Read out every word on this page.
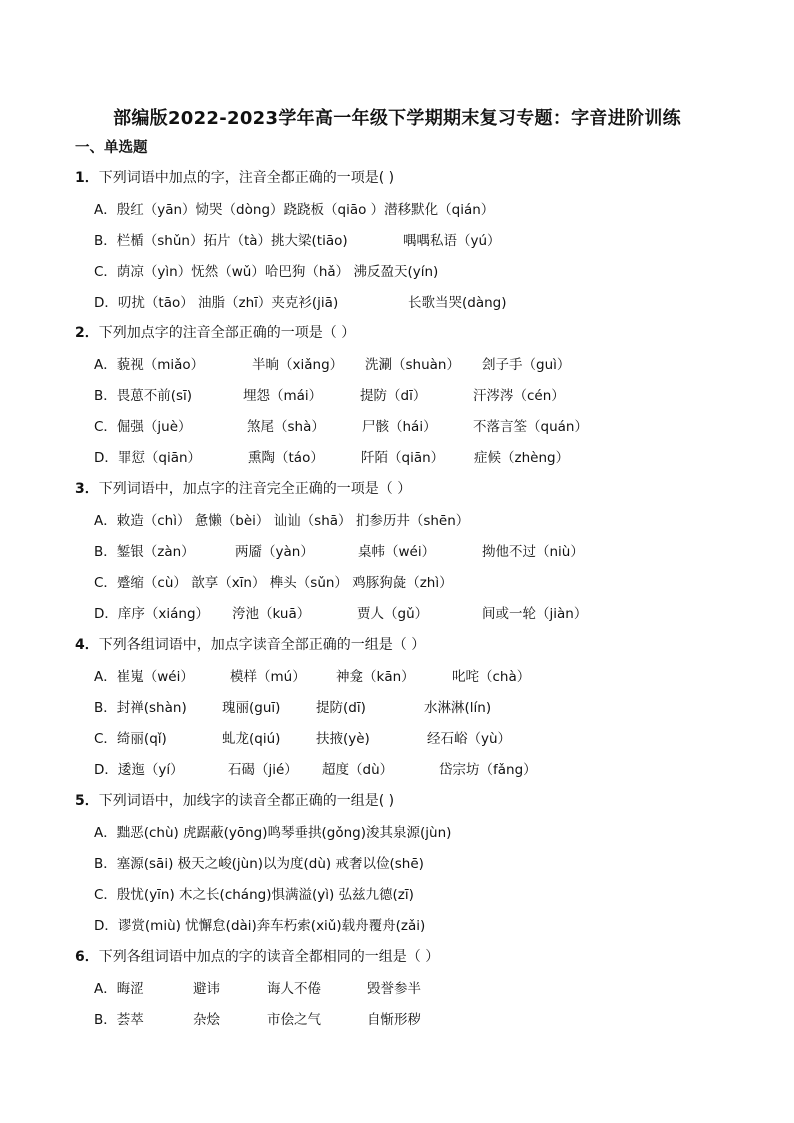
部编版2022-2023学年高一年级下学期期末复习专题：字音进阶训练
一、单选题
1．下列词语中加点的字，注音全都正确的一项是( )
A．殷红（yān）恸哭（dòng）跷跷板（qiāo ）潜移默化（qián）
B．栏楯（shǔn）拓片（tà）挑大梁(tiāo)	喁喁私语（yú）
C．荫凉（yìn）怃然（wǔ）哈巴狗（hǎ） 沸反盈天(yín)
D．叨扰（tāo） 油脂（zhī）夹克衫(jiā)	长歌当哭(dàng)
2．下列加点字的注音全部正确的一项是（ ）
A．藐视（miǎo）	半晌（xiǎng） 洗涮（shuàn） 刽子手（guì）
B．畏葸不前(sī)	埋怨（mái）	提防（dī）	汗涔涔（cén）
C．倔强（juè）	煞尾（shà）	尸骸（hái）	不落言筌（quán）
D．罪愆（qiān）	熏陶（táo）	阡陌（qiān） 症候（zhèng）
3．下列词语中，加点字的注音完全正确的一项是（ ）
A．敕造（chì） 惫懒（bèi） 讪讪（shā） 扪参历井（shēn）
B．錾银（zàn）	两靥（yàn）	桌帏（wéi）	拗他不过（niù）
C．蹙缩（cù） 歆享（xīn） 榫头（sǔn） 鸡豚狗彘（zhì）
D．庠序（xiáng） 洿池（kuā）	贾人（gǔ）	间或一轮（jiàn）
4．下列各组词语中，加点字读音全部正确的一组是（ ）
A．崔嵬（wéi）	模样（mú） 神龛（kān）	叱咤（chà）
B．封禅(shàn)	瑰丽(guī)	提防(dī)	水淋淋(lín)
C．绮丽(qǐ)	虬龙(qiú)	扶掖(yè)	经石峪（yù）
D．逶迤（yí）	石碣（jié） 超度（dù）	岱宗坊（fǎng）
5．下列词语中，加线字的读音全都正确的一组是( )
A．黜恶(chù) 虎踞蔽(yōng)鸣琴垂拱(gǒng)浚其泉源(jùn)
B．塞源(sāi) 极天之峻(jùn)以为度(dù) 戒奢以俭(shē)
C．殷忧(yīn) 木之长(cháng)惧满溢(yì) 弘兹九德(zī)
D．谬赏(miù) 忧懈怠(dài)奔车朽索(xiǔ)载舟覆舟(zǎi)
6．下列各组词语中加点的字的读音全都相同的一组是（ ）
A．晦涩	避讳	诲人不倦	毁誉参半
B．荟萃	杂烩	市侩之气	自惭形秽
